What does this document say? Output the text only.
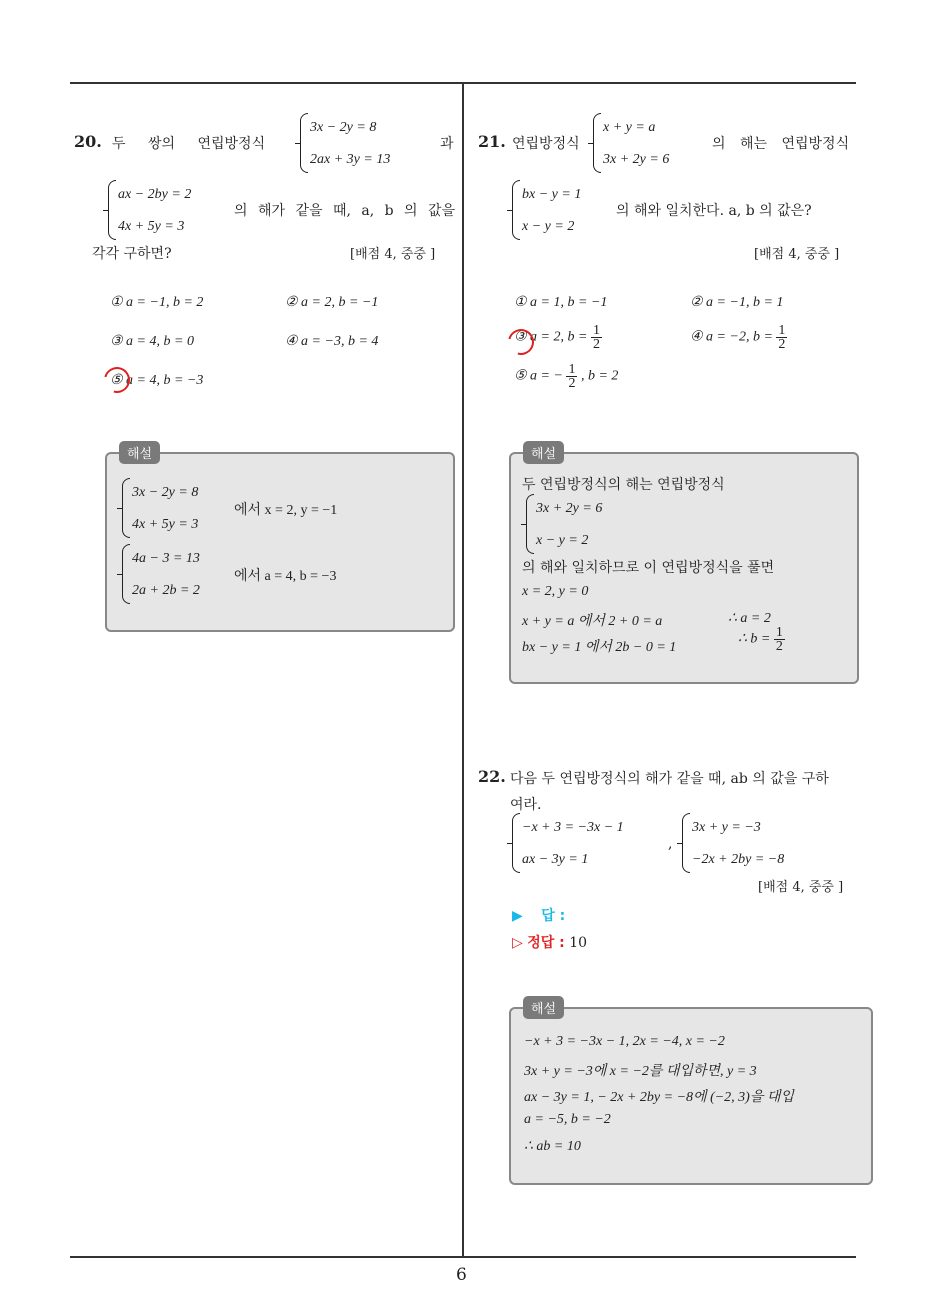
6
20. 두 쌍의 연립방정식
3x − 2y = 8
2ax + 3y = 13
과
ax − 2by = 2
4x + 5y = 3
의 해가 같을 때, a, b 의 값을
각각 구하면?	[배점 4, 중중 ]
① a = −1, b = 2	② a = 2, b = −1
③ a = 4, b = 0	④ a = −3, b = 4
⑤ a = 4, b = −3
해설
3x − 2y = 8
4x + 5y = 3
에서 x = 2, y = −1
4a − 3 = 13
2a + 2b = 2
에서 a = 4, b = −3
21. 연립방정식
x + y = a
3x + 2y = 6
의 해는 연립방정식
bx − y = 1
x − y = 2
의 해와 일치한다. a, b 의 값은?
[배점 4, 중중 ]
① a = 1, b = −1	② a = −1, b = 1
③ a = 2, $b = \frac{1}{2}$	④ a = −2, $b = \frac{1}{2}$
⑤ a = − $\frac{1}{2}$ , b = 2
해설
두 연립방정식의 해는 연립방정식
3x + 2y = 6
x − y = 2
의 해와 일치하므로 이 연립방정식을 풀면
x = 2, y = 0
x + y = a 에서 2 + 0 = a	∴ a = 2
bx − y = 1 에서 2b − 0 = 1
∴ $b = \frac{1}{2}$
22. 다음 두 연립방정식의 해가 같을 때, ab 의 값을 구하
여라.
−x + 3 = −3x − 1
ax − 3y = 1
,
3x + y = −3
−2x + 2by = −8
[배점 4, 중중 ]
▶ 답 :
▷ 정답 : 10
해설
−x + 3 = −3x − 1, 2x = −4, x = −2
3x + y = −3에 x = −2를 대입하면, y = 3
ax − 3y = 1, − 2x + 2by = −8에 (−2, 3)을 대입
a = −5, b = −2
∴ ab = 10
